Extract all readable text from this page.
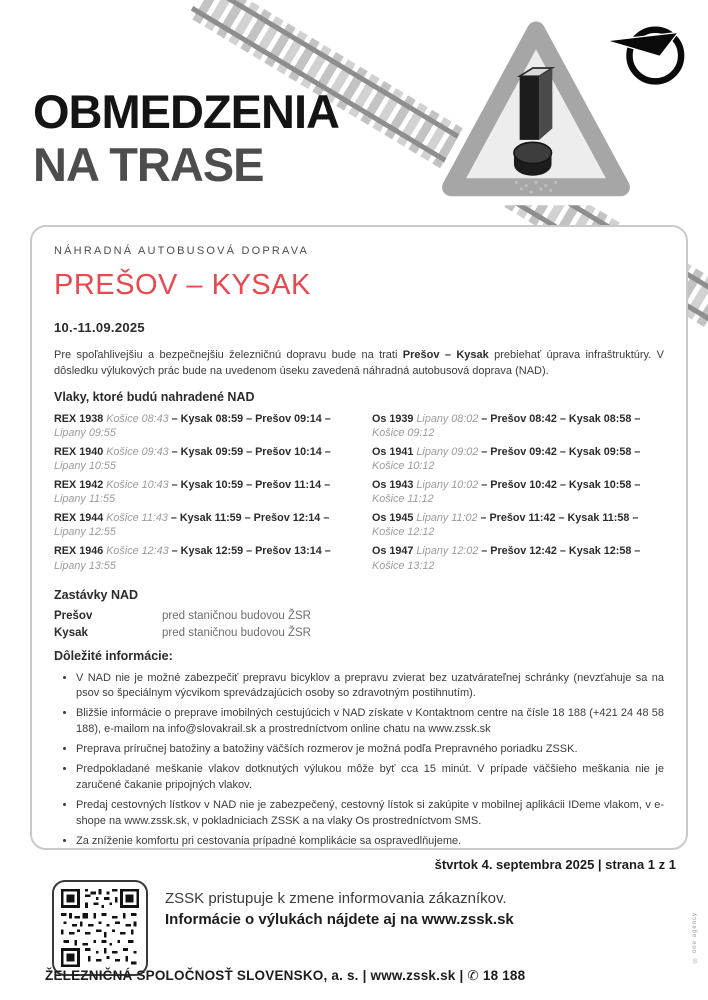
OBMEDZENIA
NA TRASE
NÁHRADNÁ AUTOBUSOVÁ DOPRAVA
PREŠOV – KYSAK
10.-11.09.2025

Pre spoľahlivejšiu a bezpečnejšiu železničnú dopravu bude na trati Prešov – Kysak prebiehať úprava infraštruktúry. V dôsledku výlukových prác bude na uvedenom úseku zavedená náhradná autobusová doprava (NAD).

Vlaky, ktoré budú nahradené NAD
REX 1938 Košice 08:43 – Kysak 08:59 – Prešov 09:14 – Lipany 09:55
REX 1940 Košice 09:43 – Kysak 09:59 – Prešov 10:14 – Lipany 10:55
REX 1942 Košice 10:43 – Kysak 10:59 – Prešov 11:14 – Lipany 11:55
REX 1944 Košice 11:43 – Kysak 11:59 – Prešov 12:14 – Lipany 12:55
REX 1946 Košice 12:43 – Kysak 12:59 – Prešov 13:14 – Lipany 13:55
Os 1939 Lipany 08:02 – Prešov 08:42 – Kysak 08:58 – Košice 09:12
Os 1941 Lipany 09:02 – Prešov 09:42 – Kysak 09:58 – Košice 10:12
Os 1943 Lipany 10:02 – Prešov 10:42 – Kysak 10:58 – Košice 11:12
Os 1945 Lipany 11:02 – Prešov 11:42 – Kysak 11:58 – Košice 12:12
Os 1947 Lipany 12:02 – Prešov 12:42 – Kysak 12:58 – Košice 13:12
Zastávky NAD
Prešov	pred staničnou budovou ŽSR
Kysak	pred staničnou budovou ŽSR
Dôležité informácie:
• V NAD nie je možné zabezpečiť prepravu bicyklov a prepravu zvierat bez uzatvárateľnej schránky (nevzťahuje sa na psov so špeciálnym výcvikom sprevádzajúcich osoby so zdravotným postihnutím).
• Bližšie informácie o preprave imobilných cestujúcich v NAD získate v Kontaktnom centre na čísle 18 188 (+421 24 48 58 188), e-mailom na info@slovakrail.sk a prostredníctvom online chatu na www.zssk.sk
• Preprava príručnej batožiny a batožiny väčších rozmerov je možná podľa Prepravného poriadku ZSSK.
• Predpokladané meškanie vlakov dotknutých výlukou môže byť cca 15 minút. V prípade väčšieho meškania nie je zaručené čakanie pripojných vlakov.
• Predaj cestovných lístkov v NAD nie je zabezpečený, cestovný lístok si zakúpite v mobilnej aplikácii IDeme vlakom, v e-shope na www.zssk.sk, v pokladniciach ZSSK a na vlaky Os prostredníctvom SMS.
• Za zníženie komfortu pri cestovania prípadné komplikácie sa ospravedlňujeme.
štvrtok 4. septembra 2025 | strana 1 z 1
ZSSK pristupuje k zmene informovania zákazníkov.
Informácie o výlukách nájdete aj na www.zssk.sk
ŽELEZNIČNÁ SPOLOČNOSŤ SLOVENSKO, a. s. | www.zssk.sk | ✆ 18 188
© one agency
